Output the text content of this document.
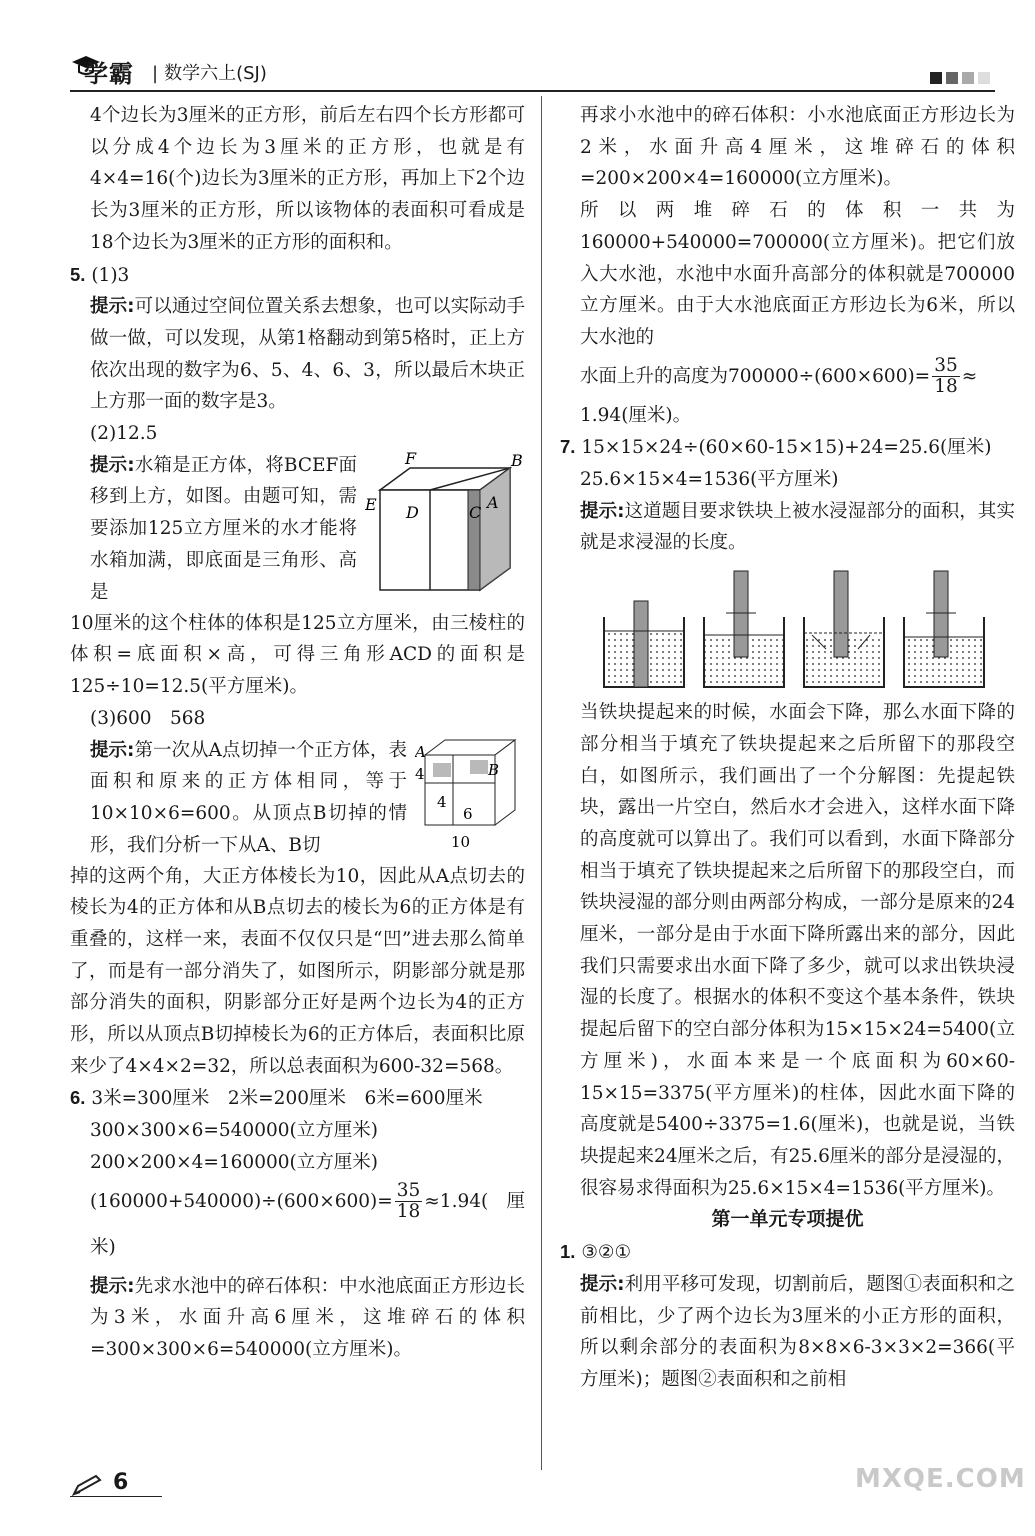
学霸 | 数学六上(SJ)

4个边长为3厘米的正方形，前后左右四个长方形都可以分成4个边长为3厘米的正方形，也就是有4×4=16(个)边长为3厘米的正方形，再加上下2个边长为3厘米的正方形，所以该物体的表面积可看成是18个边长为3厘米的正方形的面积和。

5. (1)3

提示:可以通过空间位置关系去想象，也可以实际动手做一做，可以发现，从第1格翻动到第5格时，正上方依次出现的数字为6、5、4、6、3，所以最后木块正上方那一面的数字是3。

(2)12.5

F	B
E D	C
A
提示:水箱是正方体，将BCEF面移到上方，如图。由题可知，需要添加125立方厘米的水才能将水箱加满，即底面是三角形、高是

10厘米的这个柱体的体积是125立方厘米，由三棱柱的体积=底面积×高，可得三角形ACD的面积是125÷10=12.5(平方厘米)。

(3)600　568

A
4	B
4
6
10
提示:第一次从A点切掉一个正方体，表面积和原来的正方体相同，等于10×10×6=600。从顶点B切掉的情形，我们分析一下从A、B切

掉的这两个角，大正方体棱长为10，因此从A点切去的棱长为4的正方体和从B点切去的棱长为6的正方体是有重叠的，这样一来，表面不仅仅只是“凹”进去那么简单了，而是有一部分消失了，如图所示，阴影部分就是那部分消失的面积，阴影部分正好是两个边长为4的正方形，所以从顶点B切掉棱长为6的正方体后，表面积比原来少了4×4×2=32，所以总表面积为600-32=568。

6. 3米=300厘米　2米=200厘米　6米=600厘米

300×300×6=540000(立方厘米)

200×200×4=160000(立方厘米)

$(160000+540000)\div(600\times 600)= \frac{35}{18} \approx 1.94$(厘米)

提示:先求水池中的碎石体积：中水池底面正方形边长为3米，水面升高6厘米，这堆碎石的体积=300×300×6=540000(立方厘米)。

再求小水池中的碎石体积：小水池底面正方形边长为2米，水面升高4厘米，这堆碎石的体积=200×200×4=160000(立方厘米)。

所以两堆碎石的体积一共为160000+540000=700000(立方厘米)。把它们放入大水池，水池中水面升高部分的体积就是700000立方厘米。由于大水池底面正方形边长为6米，所以大水池的

水面上升的高度为$700000\div(600\times 600)= \frac{35}{18}$ ≈

1.94(厘米)。

7. 15×15×24÷(60×60-15×15)+24=25.6(厘米)

25.6×15×4=1536(平方厘米)

提示:这道题目要求铁块上被水浸湿部分的面积，其实就是求浸湿的长度。

当铁块提起来的时候，水面会下降，那么水面下降的部分相当于填充了铁块提起来之后所留下的那段空白，如图所示，我们画出了一个分解图：先提起铁块，露出一片空白，然后水才会进入，这样水面下降的高度就可以算出了。我们可以看到，水面下降部分相当于填充了铁块提起来之后所留下的那段空白，而铁块浸湿的部分则由两部分构成，一部分是原来的24厘米，一部分是由于水面下降所露出来的部分，因此我们只需要求出水面下降了多少，就可以求出铁块浸湿的长度了。根据水的体积不变这个基本条件，铁块提起后留下的空白部分体积为15×15×24=5400(立方厘米)，水面本来是一个底面积为60×60-15×15=3375(平方厘米)的柱体，因此水面下降的高度就是5400÷3375=1.6(厘米)，也就是说，当铁块提起来24厘米之后，有25.6厘米的部分是浸湿的，很容易求得面积为25.6×15×4=1536(平方厘米)。

第一单元专项提优

1. ③②①

提示:利用平移可发现，切割前后，题图①表面积和之前相比，少了两个边长为3厘米的小正方形的面积，所以剩余部分的表面积为8×8×6-3×3×2=366(平方厘米)；题图②表面积和之前相

6	MXQE.COM
